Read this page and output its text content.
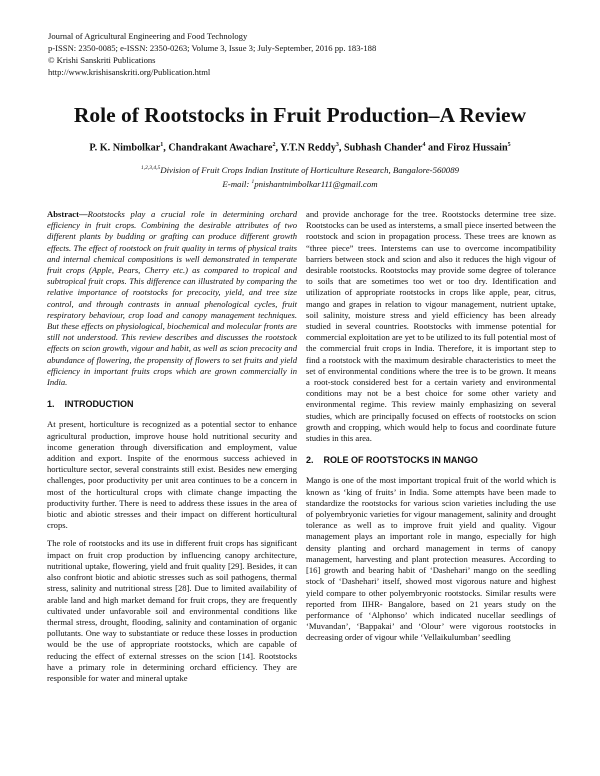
Journal of Agricultural Engineering and Food Technology
p-ISSN: 2350-0085; e-ISSN: 2350-0263; Volume 3, Issue 3; July-September, 2016 pp. 183-188
© Krishi Sanskriti Publications
http://www.krishisanskriti.org/Publication.html
Role of Rootstocks in Fruit Production–A Review
P. K. Nimbolkar$^1$, Chandrakant Awachare$^2$, Y.T.N Reddy$^3$, Subhash Chander$^4$ and Firoz Hussain$^5$
$^{1,2,3,4,5}$Division of Fruit Crops Indian Institute of Horticulture Research, Bangalore-560089
E-mail: $^1$pnishantnimbolkar111@gmail.com

Abstract—Rootstocks play a crucial role in determining orchard efficiency in fruit crops. Combining the desirable attributes of two different plants by budding or grafting can produce different growth effects. The effect of rootstock on fruit quality in terms of physical traits and internal chemical compositions is well demonstrated in temperate fruit crops (Apple, Pears, Cherry etc.) as compared to tropical and subtropical fruit crops. This difference can illustrated by comparing the relative importance of rootstocks for precocity, yield, and tree size control, and through contrasts in annual phenological cycles, fruit respiratory behaviour, crop load and canopy management techniques. But these effects on physiological, biochemical and molecular fronts are still not understood. This review describes and discusses the rootstock effects on scion growth, vigour and habit, as well as scion precocity and abundance of flowering, the propensity of flowers to set fruits and yield efficiency in important fruits crops which are grown commercially in India.

1. INTRODUCTION

At present, horticulture is recognized as a potential sector to enhance agricultural production, improve house hold nutritional security and income generation through diversification and employment, value addition and export. Inspite of the enormous success achieved in horticulture sector, several constraints still exist. Besides new emerging challenges, poor productivity per unit area continues to be a concern in most of the horticultural crops with climate change impacting the productivity further. There is need to address these issues in the area of biotic and abiotic stresses and their impact on different horticultural crops.

The role of rootstocks and its use in different fruit crops has significant impact on fruit crop production by influencing canopy architecture, nutritional uptake, flowering, yield and fruit quality [29]. Besides, it can also confront biotic and abiotic stresses such as soil pathogens, thermal stress, salinity and nutritional stress [28]. Due to limited availability of arable land and high market demand for fruit crops, they are frequently cultivated under unfavorable soil and environmental conditions like thermal stress, drought, flooding, salinity and contamination of organic pollutants. One way to substantiate or reduce these losses in production would be the use of appropriate rootstocks, which are capable of reducing the effect of external stresses on the scion [14]. Rootstocks have a primary role in determining orchard efficiency. They are responsible for water and mineral uptake

and provide anchorage for the tree. Rootstocks determine tree size. Rootstocks can be used as interstems, a small piece inserted between the rootstock and scion in propagation process. These trees are known as “three piece” trees. Interstems can use to overcome incompatibility barriers between stock and scion and also it reduces the high vigour of desirable rootstocks. Rootstocks may provide some degree of tolerance to soils that are sometimes too wet or too dry. Identification and utilization of appropriate rootstocks in crops like apple, pear, citrus, mango and grapes in relation to vigour management, nutrient uptake, soil salinity, moisture stress and yield efficiency has been already studied in several countries. Rootstocks with immense potential for commercial exploitation are yet to be utilized to its full potential most of the commercial fruit crops in India. Therefore, it is important step to find a rootstock with the maximum desirable characteristics to meet the set of environmental conditions where the tree is to be grown. It means a root-stock considered best for a certain variety and environmental conditions may not be a best choice for some other variety and environmental regime. This review mainly emphasizing on several studies, which are principally focused on effects of rootstocks on scion growth and cropping, which would help to focus and coordinate future studies in this area.

2. ROLE OF ROOTSTOCKS IN MANGO

Mango is one of the most important tropical fruit of the world which is known as ‘king of fruits’ in India. Some attempts have been made to standardize the rootstocks for various scion varieties including the use of polyembryonic varieties for vigour management, salinity and drought tolerance as well as to improve fruit yield and quality. Vigour management plays an important role in mango, especially for high density planting and orchard management in terms of canopy management, harvesting and plant protection measures. According to [16] growth and bearing habit of ‘Dashehari’ mango on the seedling stock of ‘Dashehari’ itself, showed most vigorous nature and highest yield compare to other polyembryonic rootstocks. Similar results were reported from IIHR- Bangalore, based on 21 years study on the performance of ‘Alphonso’ which indicated nucellar seedlings of ‘Muvandan’, ‘Bappakai’ and ‘Olour’ were vigorous rootstocks in decreasing order of vigour while ‘Vellaikulumban’ seedling
